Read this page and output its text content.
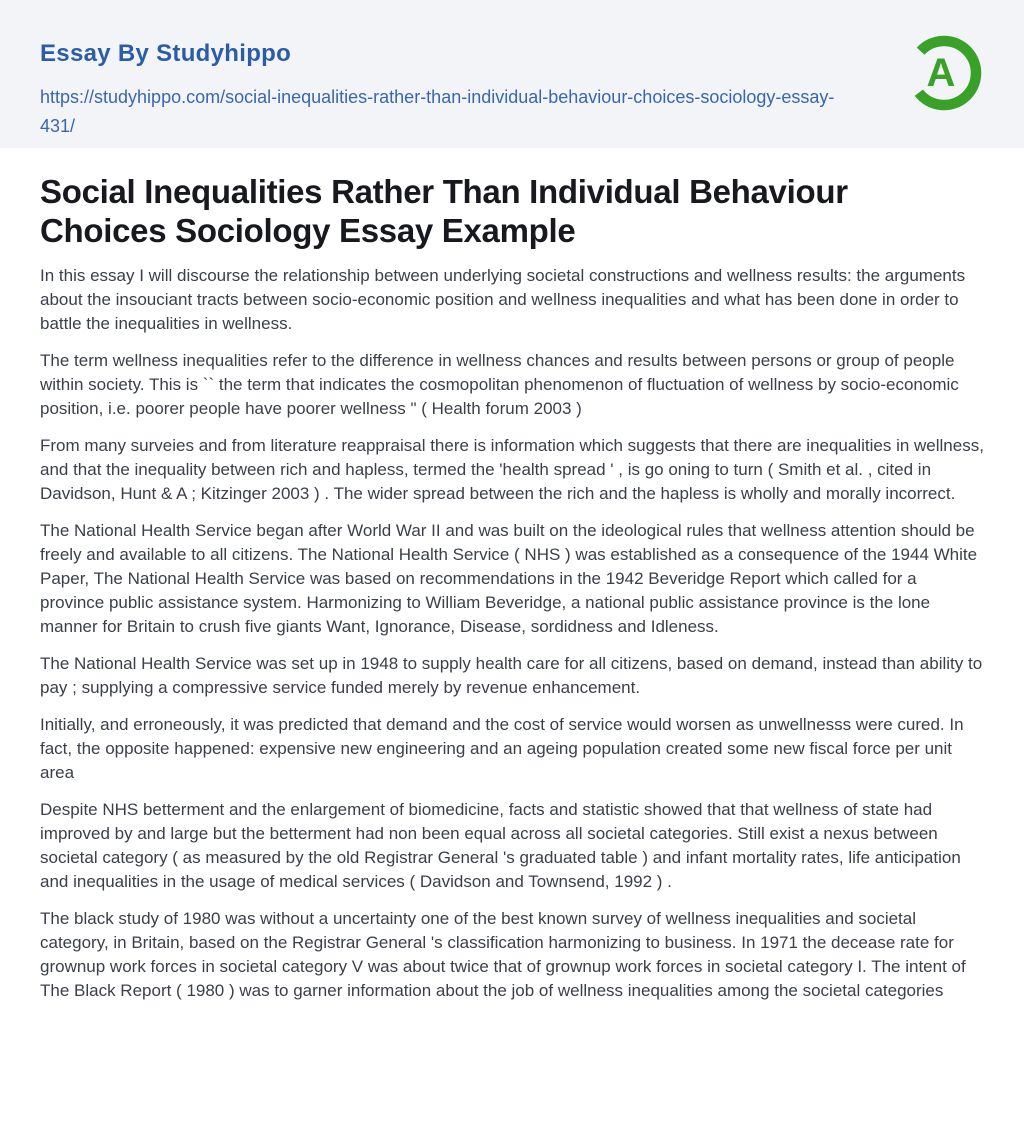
Essay By Studyhippo
https://studyhippo.com/social-inequalities-rather-than-individual-behaviour-choices-sociology-essay-431/
A
Social Inequalities Rather Than Individual Behaviour Choices Sociology Essay Example

In this essay I will discourse the relationship between underlying societal constructions and wellness results: the arguments about the insouciant tracts between socio-economic position and wellness inequalities and what has been done in order to battle the inequalities in wellness.

The term wellness inequalities refer to the difference in wellness chances and results between persons or group of people within society. This is `` the term that indicates the cosmopolitan phenomenon of fluctuation of wellness by socio-economic position, i.e. poorer people have poorer wellness " ( Health forum 2003 )

From many surveies and from literature reappraisal there is information which suggests that there are inequalities in wellness, and that the inequality between rich and hapless, termed the 'health spread ' , is go oning to turn ( Smith et al. , cited in Davidson, Hunt & A ; Kitzinger 2003 ) . The wider spread between the rich and the hapless is wholly and morally incorrect.

The National Health Service began after World War II and was built on the ideological rules that wellness attention should be freely and available to all citizens. The National Health Service ( NHS ) was established as a consequence of the 1944 White Paper, The National Health Service was based on recommendations in the 1942 Beveridge Report which called for a province public assistance system. Harmonizing to William Beveridge, a national public assistance province is the lone manner for Britain to crush five giants Want, Ignorance, Disease, sordidness and Idleness.

The National Health Service was set up in 1948 to supply health care for all citizens, based on demand, instead than ability to pay ; supplying a compressive service funded merely by revenue enhancement.

Initially, and erroneously, it was predicted that demand and the cost of service would worsen as unwellnesss were cured. In fact, the opposite happened: expensive new engineering and an ageing population created some new fiscal force per unit area

Despite NHS betterment and the enlargement of biomedicine, facts and statistic showed that that wellness of state had improved by and large but the betterment had non been equal across all societal categories. Still exist a nexus between societal category ( as measured by the old Registrar General 's graduated table ) and infant mortality rates, life anticipation and inequalities in the usage of medical services ( Davidson and Townsend, 1992 ) .

The black study of 1980 was without a uncertainty one of the best known survey of wellness inequalities and societal category, in Britain, based on the Registrar General 's classification harmonizing to business. In 1971 the decease rate for grownup work forces in societal category V was about twice that of grownup work forces in societal category I. The intent of The Black Report ( 1980 ) was to garner information about the job of wellness inequalities among the societal categories
